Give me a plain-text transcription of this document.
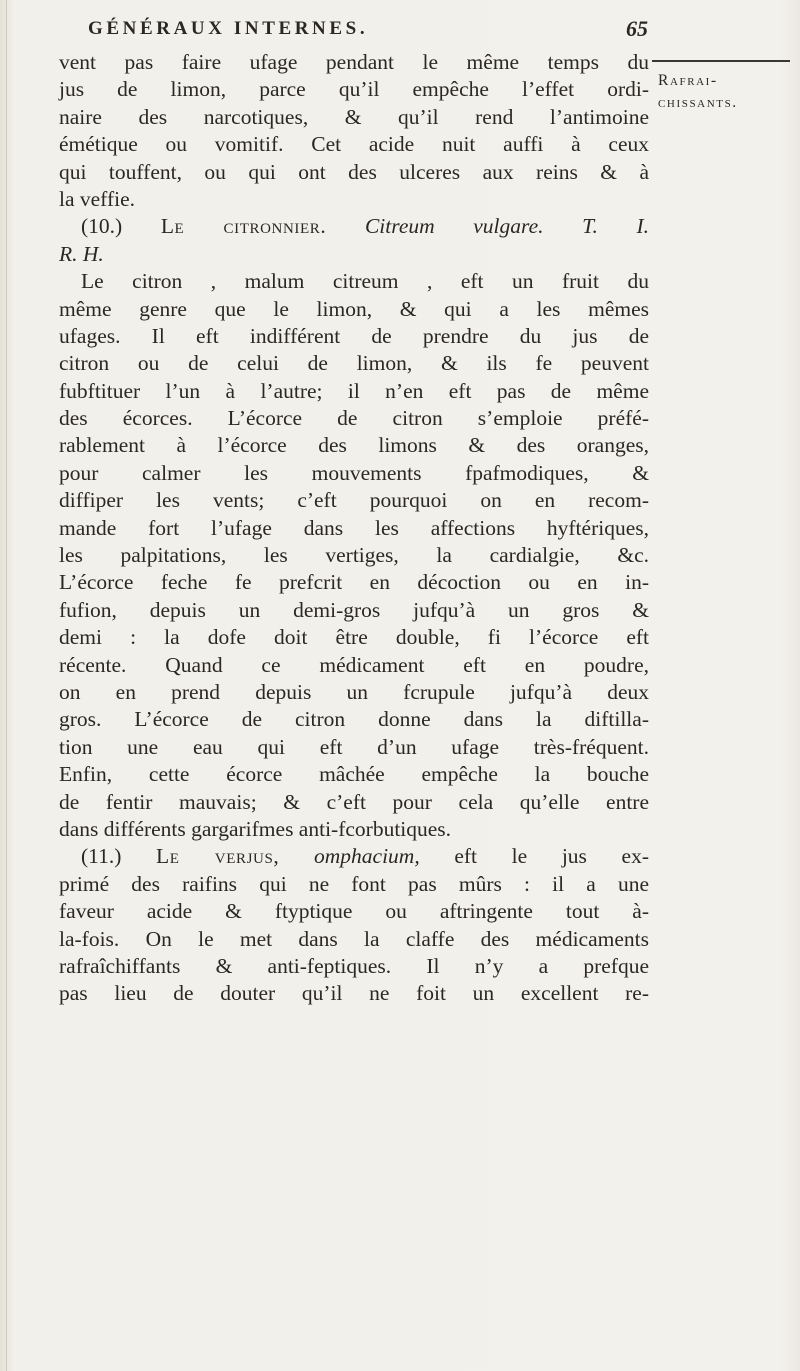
GÉNÉRAUX INTERNES.	65
Rafrai-
chissants.
vent pas faire ufage pendant le même temps du
jus de limon, parce qu’il empêche l’effet ordi-
naire des narcotiques, & qu’il rend l’antimoine
émétique ou vomitif. Cet acide nuit auffi à ceux
qui touffent, ou qui ont des ulceres aux reins & à
la veffie.
(10.) Le citronnier. Citreum vulgare. T. I.
R. H.
Le citron , malum citreum , eft un fruit du
même genre que le limon, & qui a les mêmes
ufages. Il eft indifférent de prendre du jus de
citron ou de celui de limon, & ils fe peuvent
fubftituer l’un à l’autre; il n’en eft pas de même
des écorces. L’écorce de citron s’emploie préfé-
rablement à l’écorce des limons & des oranges,
pour calmer les mouvements fpafmodiques, &
diffiper les vents; c’eft pourquoi on en recom-
mande fort l’ufage dans les affections hyftériques,
les palpitations, les vertiges, la cardialgie, &c.
L’écorce feche fe prefcrit en décoction ou en in-
fufion, depuis un demi-gros jufqu’à un gros &
demi : la dofe doit être double, fi l’écorce eft
récente. Quand ce médicament eft en poudre,
on en prend depuis un fcrupule jufqu’à deux
gros. L’écorce de citron donne dans la diftilla-
tion une eau qui eft d’un ufage très-fréquent.
Enfin, cette écorce mâchée empêche la bouche
de fentir mauvais; & c’eft pour cela qu’elle entre
dans différents gargarifmes anti-fcorbutiques.
(11.) Le verjus, omphacium, eft le jus ex-
primé des raifins qui ne font pas mûrs : il a une
faveur acide & ftyptique ou aftringente tout à-
la-fois. On le met dans la claffe des médicaments
rafraîchiffants & anti-feptiques. Il n’y a prefque
pas lieu de douter qu’il ne foit un excellent re-
